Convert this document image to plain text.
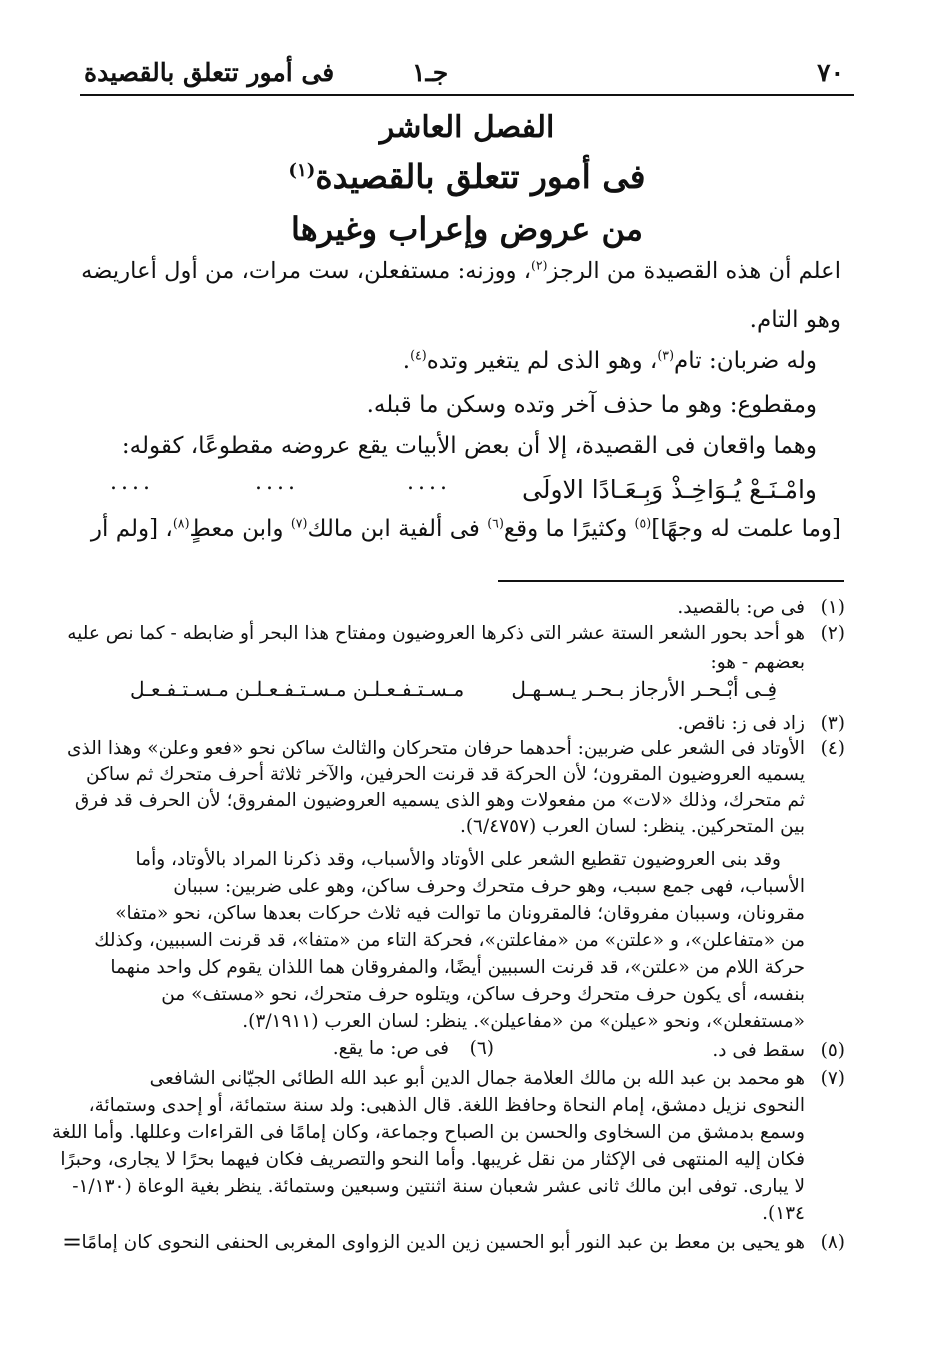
٧٠
جـ١
فى أمور تتعلق بالقصيدة
الفصل العاشر
فى أمور تتعلق بالقصيدة$^{(١)}$
من عروض وإعراب وغيرها
اعلم أن هذه القصيدة من الرجز$^{(٢)}$، ووزنه: مستفعلن، ست مرات، من أول أعاريضه
وهو التام.
وله ضربان: تام$^{(٣)}$، وهو الذى لم يتغير وتده$^{(٤)}$.
ومقطوع: وهو ما حذف آخر وتده وسكن ما قبله.
وهما واقعان فى القصيدة، إلا أن بعض الأبيات يقع عروضه مقطوعًا، كقوله:
وامْـنَـعْ يُـوَاخِـذْ وَبِـعَـادًا الاولَى
....
....
....
[وما علمت له وجهًا]$^{(٥)}$ وكثيرًا ما وقع$^{(٦)}$ فى ألفية ابن مالك$^{(٧)}$ وابن معطٍ$^{(٨)}$، [ولم أر
(١)
فى ص: بالقصيد.
(٢)
هو أحد بحور الشعر الستة عشر التى ذكرها العروضيون ومفتاح هذا البحر أو ضابطه - كما نص عليه
بعضهم - هو:
فِـى أبْـحـر الأرجاز بـحـر يـسـهـل
مـسـتـفـعـلـن مـسـتـفـعـلـن مـسـتـفـعـل
(٣)
زاد فى ز: ناقص.
(٤)
الأوتاد فى الشعر على ضربين: أحدهما حرفان متحركان والثالث ساكن نحو «فعو وعلن» وهذا الذى
يسميه العروضيون المقرون؛ لأن الحركة قد قرنت الحرفين، والآخر ثلاثة أحرف متحرك ثم ساكن
ثم متحرك، وذلك «لات» من مفعولات وهو الذى يسميه العروضيون المفروق؛ لأن الحرف قد فرق
بين المتحركين. ينظر: لسان العرب (٦/٤٧٥٧).
وقد بنى العروضيون تقطيع الشعر على الأوتاد والأسباب، وقد ذكرنا المراد بالأوتاد، وأما
الأسباب، فهى جمع سبب، وهو حرف متحرك وحرف ساكن، وهو على ضربين: سببان
مقرونان، وسببان مفروقان؛ فالمقرونان ما توالت فيه ثلاث حركات بعدها ساكن، نحو «متفا»
من «متفاعلن»، و «علتن» من «مفاعلتن»، فحركة التاء من «متفا»، قد قرنت السببين، وكذلك
حركة اللام من «علتن»، قد قرنت السببين أيضًا، والمفروقان هما اللذان يقوم كل واحد منهما
بنفسه، أى يكون حرف متحرك وحرف ساكن، ويتلوه حرف متحرك، نحو «مستف» من
«مستفعلن»، ونحو «عيلن» من «مفاعيلن». ينظر: لسان العرب (٣/١٩١١).
(٥)
سقط فى د.
(٦)
فى ص: ما يقع.
(٧)
هو محمد بن عبد الله بن مالك العلامة جمال الدين أبو عبد الله الطائى الجيّانى الشافعى
النحوى نزيل دمشق، إمام النحاة وحافظ اللغة. قال الذهبى: ولد سنة ستمائة، أو إحدى وستمائة،
وسمع بدمشق من السخاوى والحسن بن الصباح وجماعة، وكان إمامًا فى القراءات وعللها. وأما اللغة
فكان إليه المنتهى فى الإكثار من نقل غريبها. وأما النحو والتصريف فكان فيهما بحرًا لا يجارى، وحبرًا
لا يبارى. توفى ابن مالك ثانى عشر شعبان سنة اثنتين وسبعين وستمائة. ينظر بغية الوعاة (١/١٣٠-
١٣٤).
(٨)
هو يحيى بن معط بن عبد النور أبو الحسين زين الدين الزواوى المغربى الحنفى النحوى كان إمامًا
=
